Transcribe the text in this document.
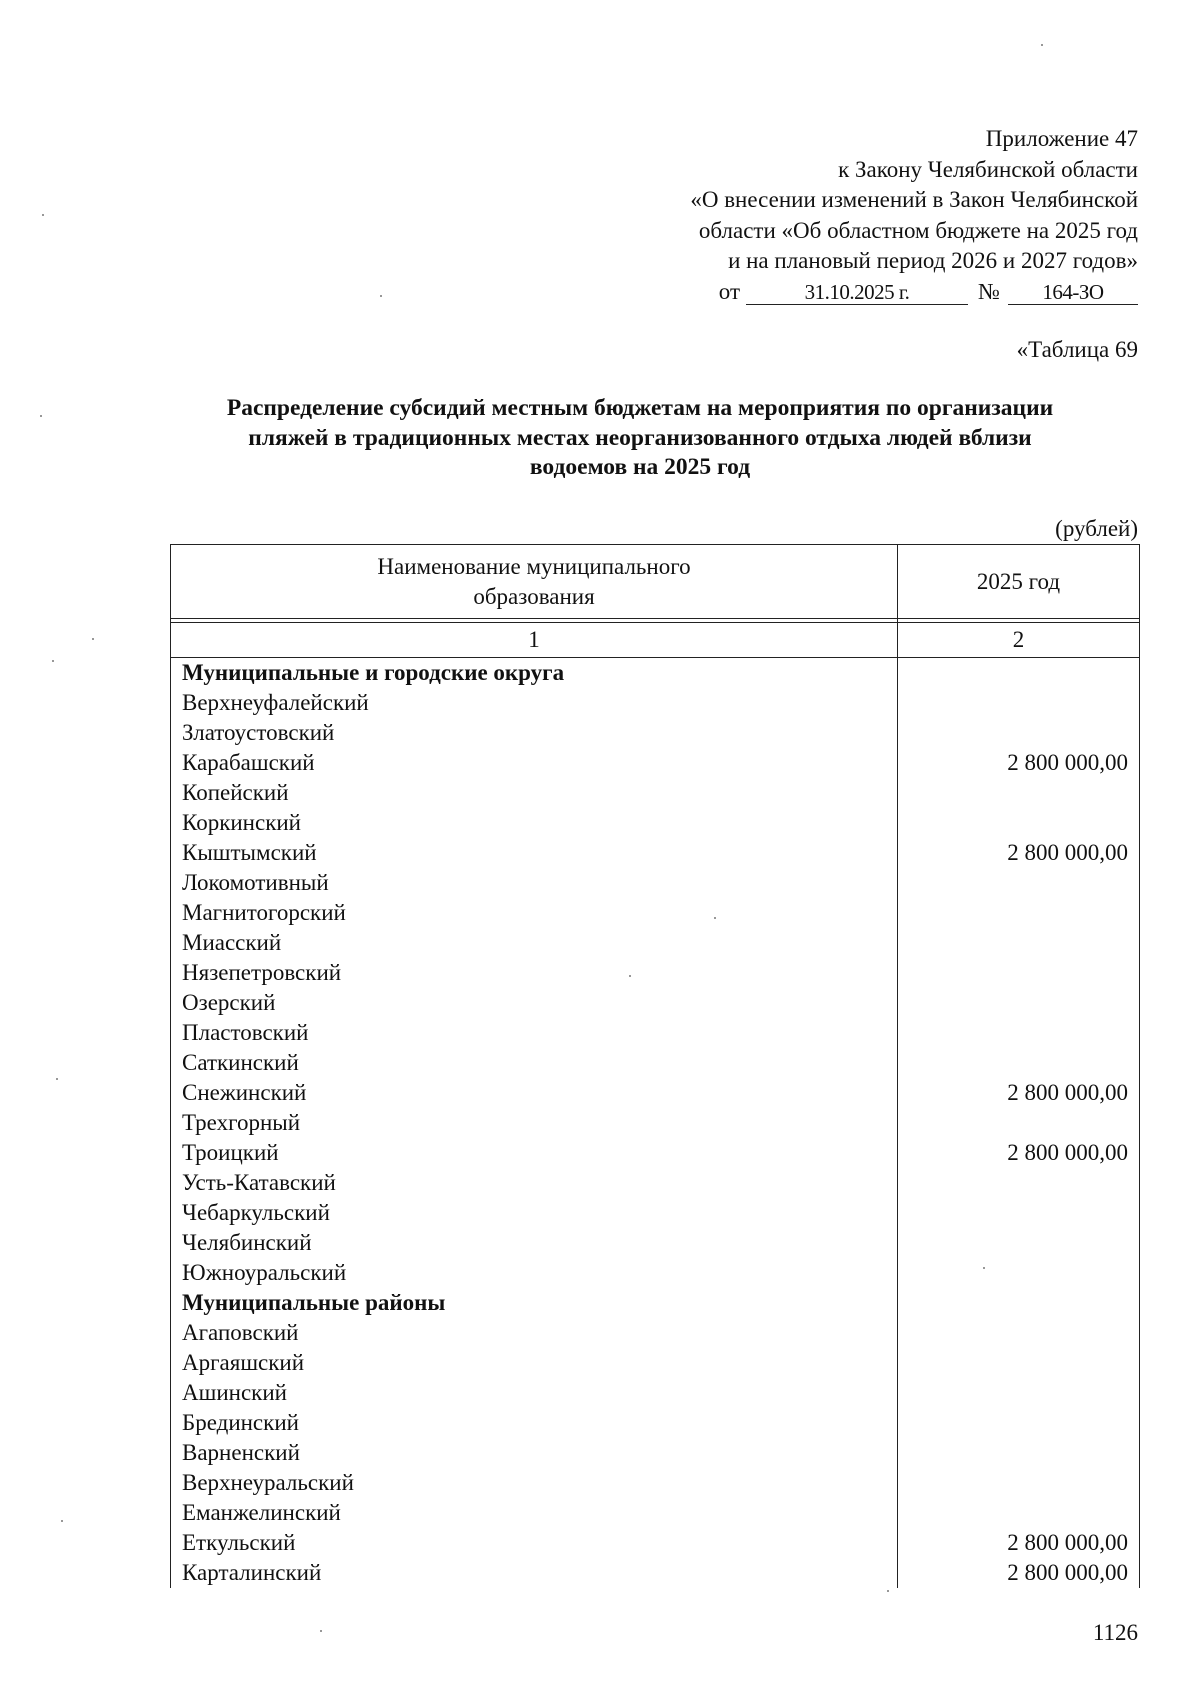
Приложение 47
к Закону Челябинской области
«О внесении изменений в Закон Челябинской
области «Об областном бюджете на 2025 год
и на плановый период 2026 и 2027 годов»
от	31.10.2025 г.	№ 164-ЗО
«Таблица 69
Распределение субсидий местным бюджетам на мероприятия по организации
пляжей в традиционных местах неорганизованного отдыха людей вблизи
водоемов на 2025 год
(рублей)
Наименование муниципального
образования	2025 год

1	2
Муниципальные и городские округа	
Верхнеуфалейский	
Златоустовский	
Карабашский	2 800 000,00
Копейский	
Коркинский	
Кыштымский	2 800 000,00
Локомотивный	
Магнитогорский	
Миасский	
Нязепетровский	
Озерский	
Пластовский	
Саткинский	
Снежинский	2 800 000,00
Трехгорный	
Троицкий	2 800 000,00
Усть-Катавский	
Чебаркульский	
Челябинский	
Южноуральский	
Муниципальные районы	
Агаповский	
Аргаяшский	
Ашинский	
Брединский	
Варненский	
Верхнеуральский	
Еманжелинский	
Еткульский	2 800 000,00
Карталинский	2 800 000,00
1126
